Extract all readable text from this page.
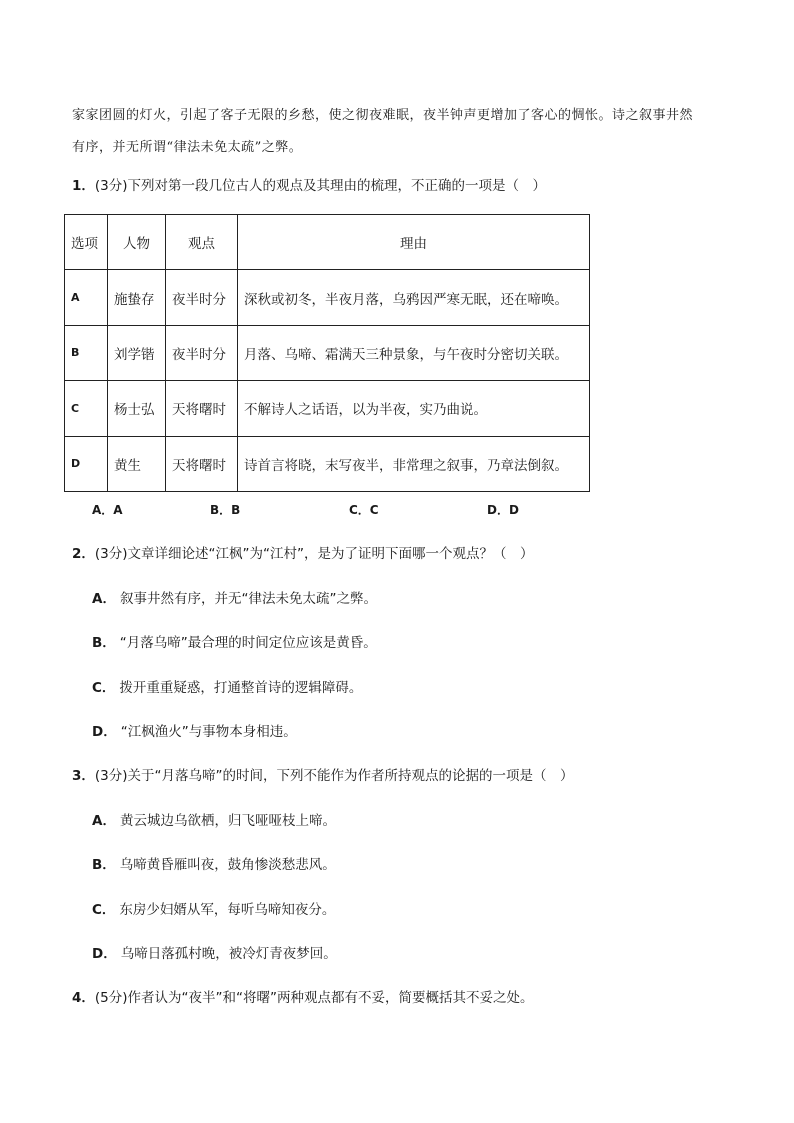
家家团圆的灯火，引起了客子无限的乡愁，使之彻夜难眠，夜半钟声更增加了客心的惆怅。诗之叙事井然

有序，并无所谓“律法未免太疏”之弊。

1．(3分)下列对第一段几位古人的观点及其理由的梳理，不正确的一项是（　）
选项	人物	观点	理由
A	施蛰存	夜半时分	深秋或初冬，半夜月落，乌鸦因严寒无眠，还在啼唤。
B	刘学锴	夜半时分	月落、乌啼、霜满天三种景象，与午夜时分密切关联。
C	杨士弘	天将曙时	不解诗人之话语，以为半夜，实乃曲说。
D	黄生	天将曙时	诗首言将晓，末写夜半，非常理之叙事，乃章法倒叙。
A．A	B．B	C．C	D．D
2．(3分)文章详细论述“江枫”为“江村”，是为了证明下面哪一个观点？（　）
A． 叙事井然有序，并无“律法未免太疏”之弊。
B． “月落乌啼”最合理的时间定位应该是黄昏。
C． 拨开重重疑惑，打通整首诗的逻辑障碍。
D． “江枫渔火”与事物本身相违。
3．(3分)关于“月落乌啼”的时间，下列不能作为作者所持观点的论据的一项是（　）
A． 黄云城边乌欲栖，归飞哑哑枝上啼。
B． 乌啼黄昏雁叫夜，鼓角惨淡愁悲风。
C． 东房少妇婿从军，每听乌啼知夜分。
D． 乌啼日落孤村晚，被冷灯青夜梦回。
4．(5分)作者认为“夜半”和“将曙”两种观点都有不妥，简要概括其不妥之处。
